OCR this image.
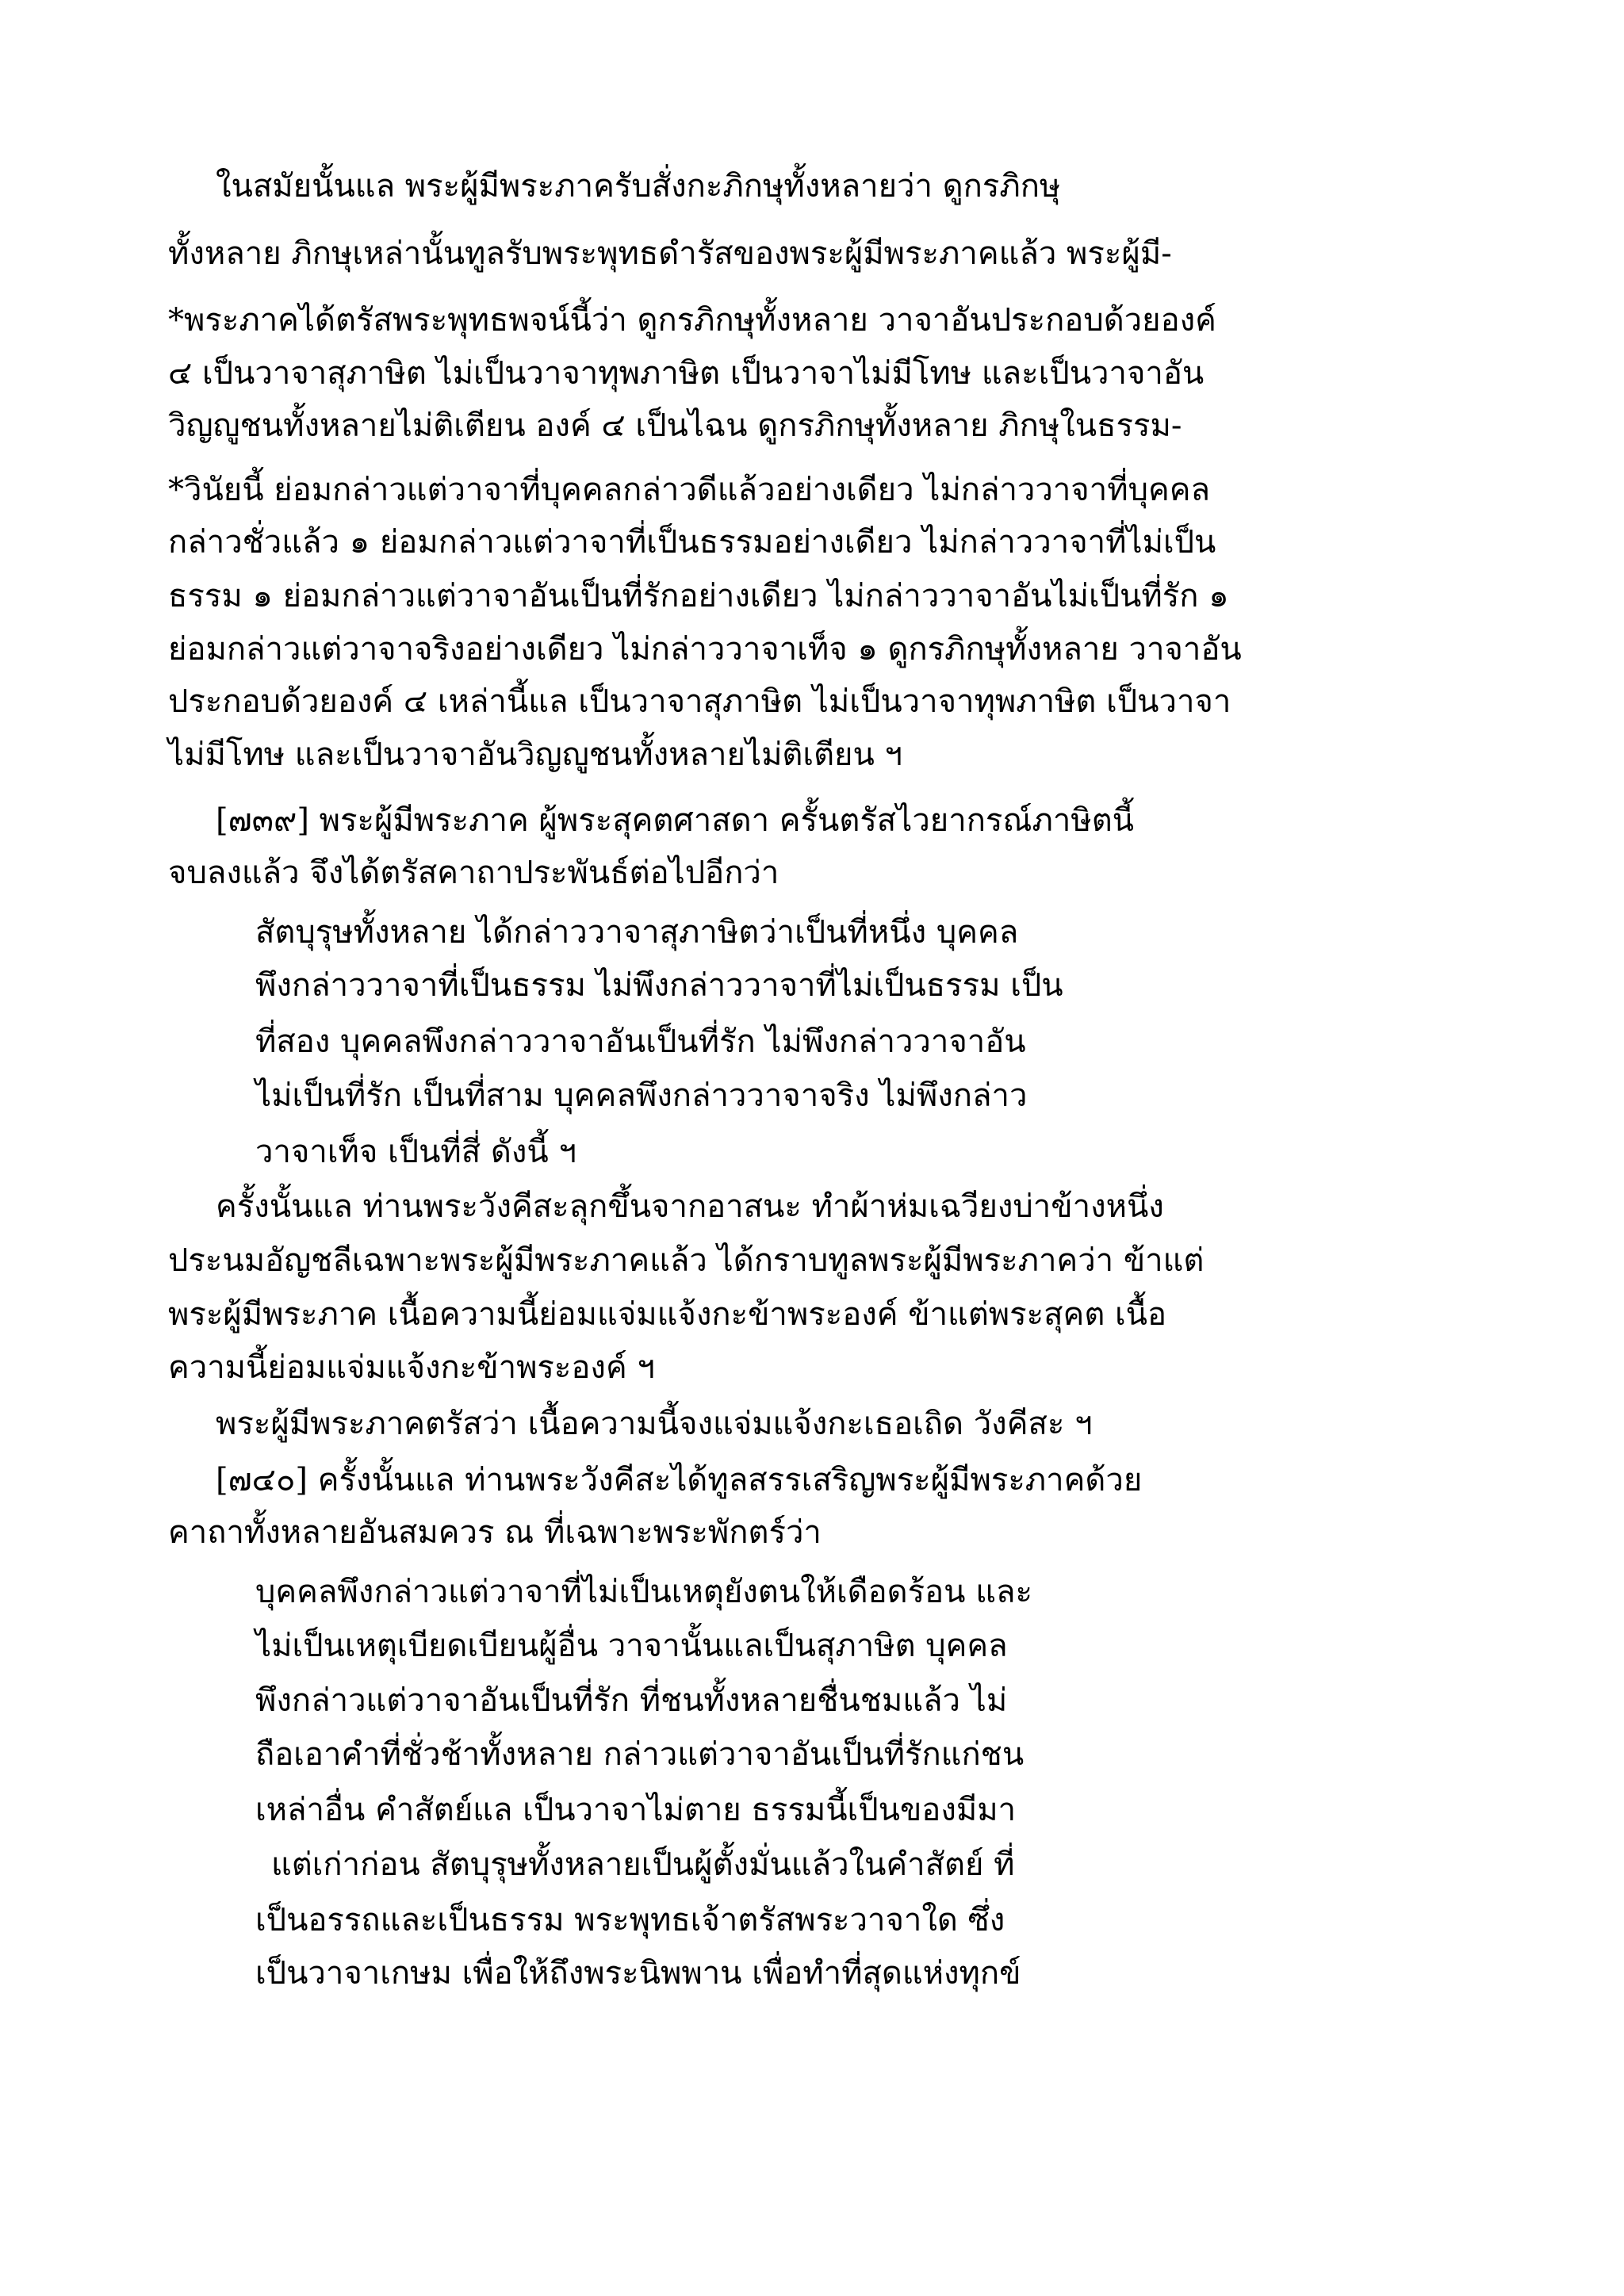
ในสมัยนั้นแล พระผู้มีพระภาครับสั่งกะภิกษุทั้งหลายว่า ดูกรภิกษุ
ทั้งหลาย ภิกษุเหล่านั้นทูลรับพระพุทธดำรัสของพระผู้มีพระภาคแล้ว พระผู้มี-
*พระภาคได้ตรัสพระพุทธพจน์นี้ว่า ดูกรภิกษุทั้งหลาย วาจาอันประกอบด้วยองค์
๔ เป็นวาจาสุภาษิต ไม่เป็นวาจาทุพภาษิต เป็นวาจาไม่มีโทษ และเป็นวาจาอัน
วิญญูชนทั้งหลายไม่ติเตียน องค์ ๔ เป็นไฉน ดูกรภิกษุทั้งหลาย ภิกษุในธรรม-
*วินัยนี้ ย่อมกล่าวแต่วาจาที่บุคคลกล่าวดีแล้วอย่างเดียว ไม่กล่าววาจาที่บุคคล
กล่าวชั่วแล้ว ๑ ย่อมกล่าวแต่วาจาที่เป็นธรรมอย่างเดียว ไม่กล่าววาจาที่ไม่เป็น
ธรรม ๑ ย่อมกล่าวแต่วาจาอันเป็นที่รักอย่างเดียว ไม่กล่าววาจาอันไม่เป็นที่รัก ๑
ย่อมกล่าวแต่วาจาจริงอย่างเดียว ไม่กล่าววาจาเท็จ ๑ ดูกรภิกษุทั้งหลาย วาจาอัน
ประกอบด้วยองค์ ๔ เหล่านี้แล เป็นวาจาสุภาษิต ไม่เป็นวาจาทุพภาษิต เป็นวาจา
ไม่มีโทษ และเป็นวาจาอันวิญญูชนทั้งหลายไม่ติเตียน ฯ
[๗๓๙] พระผู้มีพระภาค ผู้พระสุคตศาสดา ครั้นตรัสไวยากรณ์ภาษิตนี้
จบลงแล้ว จึงได้ตรัสคาถาประพันธ์ต่อไปอีกว่า
สัตบุรุษทั้งหลาย ได้กล่าววาจาสุภาษิตว่าเป็นที่หนึ่ง บุคคล
พึงกล่าววาจาที่เป็นธรรม ไม่พึงกล่าววาจาที่ไม่เป็นธรรม เป็น
ที่สอง บุคคลพึงกล่าววาจาอันเป็นที่รัก ไม่พึงกล่าววาจาอัน
ไม่เป็นที่รัก เป็นที่สาม บุคคลพึงกล่าววาจาจริง ไม่พึงกล่าว
วาจาเท็จ เป็นที่สี่ ดังนี้ ฯ
ครั้งนั้นแล ท่านพระวังคีสะลุกขึ้นจากอาสนะ ทำผ้าห่มเฉวียงบ่าข้างหนึ่ง
ประนมอัญชลีเฉพาะพระผู้มีพระภาคแล้ว ได้กราบทูลพระผู้มีพระภาคว่า ข้าแต่
พระผู้มีพระภาค เนื้อความนี้ย่อมแจ่มแจ้งกะข้าพระองค์ ข้าแต่พระสุคต เนื้อ
ความนี้ย่อมแจ่มแจ้งกะข้าพระองค์ ฯ
พระผู้มีพระภาคตรัสว่า เนื้อความนี้จงแจ่มแจ้งกะเธอเถิด วังคีสะ ฯ
[๗๔๐] ครั้งนั้นแล ท่านพระวังคีสะได้ทูลสรรเสริญพระผู้มีพระภาคด้วย
คาถาทั้งหลายอันสมควร ณ ที่เฉพาะพระพักตร์ว่า
บุคคลพึงกล่าวแต่วาจาที่ไม่เป็นเหตุยังตนให้เดือดร้อน และ
ไม่เป็นเหตุเบียดเบียนผู้อื่น วาจานั้นแลเป็นสุภาษิต บุคคล
พึงกล่าวแต่วาจาอันเป็นที่รัก ที่ชนทั้งหลายชื่นชมแล้ว ไม่
ถือเอาคำที่ชั่วช้าทั้งหลาย กล่าวแต่วาจาอันเป็นที่รักแก่ชน
เหล่าอื่น คำสัตย์แล เป็นวาจาไม่ตาย ธรรมนี้เป็นของมีมา
แต่เก่าก่อน สัตบุรุษทั้งหลายเป็นผู้ตั้งมั่นแล้วในคำสัตย์ ที่
เป็นอรรถและเป็นธรรม พระพุทธเจ้าตรัสพระวาจาใด ซึ่ง
เป็นวาจาเกษม เพื่อให้ถึงพระนิพพาน เพื่อทำที่สุดแห่งทุกข์
